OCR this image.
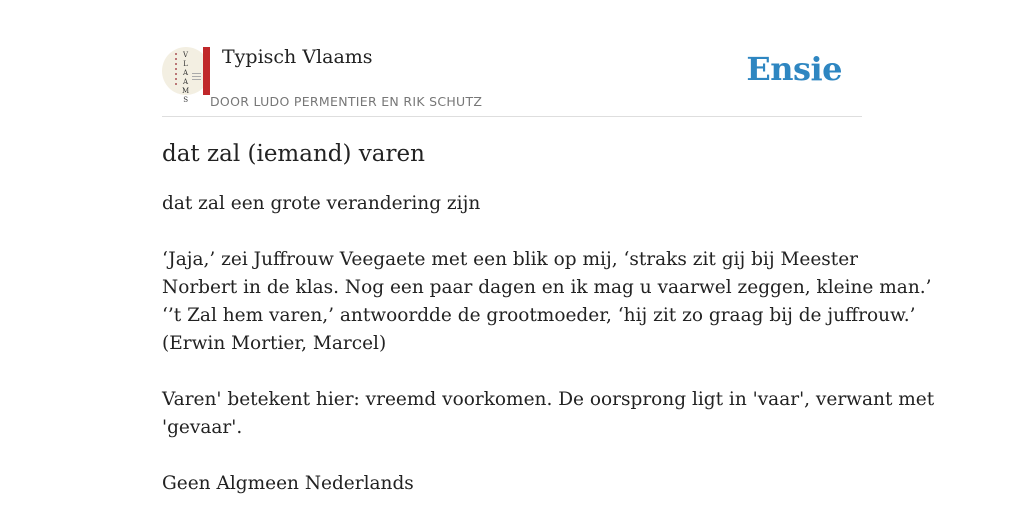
V
L
A
A
M
S
Typisch Vlaams
DOOR LUDO PERMENTIER EN RIK SCHUTZ
Ensie
dat zal (iemand) varen

dat zal een grote verandering zijn

‘Jaja,’ zei Juffrouw Veegaete met een blik op mij, ‘straks zit gij bij Meester
Norbert in de klas. Nog een paar dagen en ik mag u vaarwel zeggen, kleine man.’
‘’t Zal hem varen,’ antwoordde de grootmoeder, ‘hij zit zo graag bij de juffrouw.’
(Erwin Mortier, Marcel)

Varen' betekent hier: vreemd voorkomen. De oorsprong ligt in 'vaar', verwant met
'gevaar'.

Geen Algmeen Nederlands
